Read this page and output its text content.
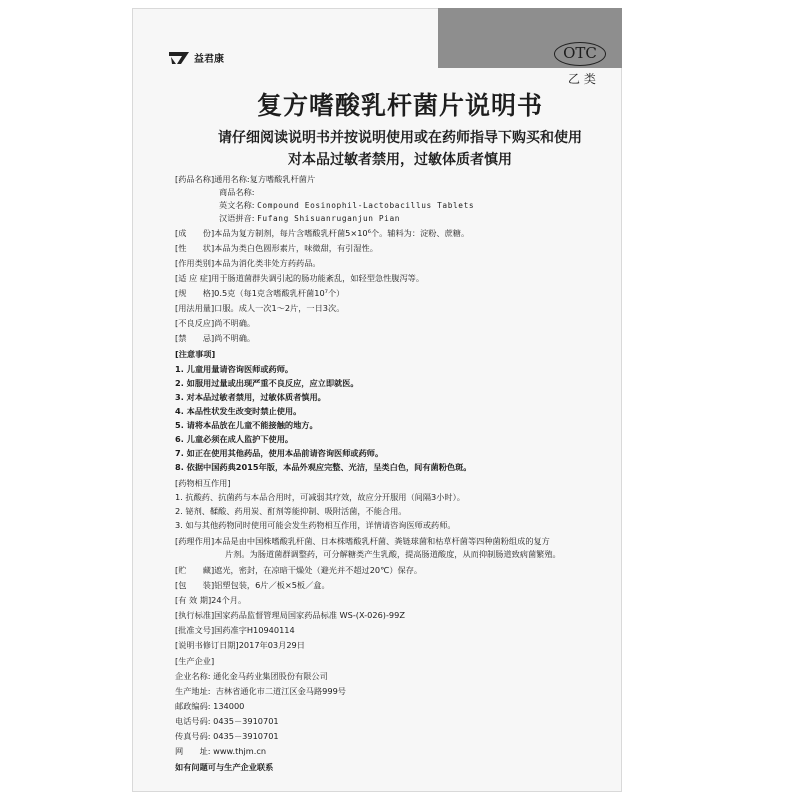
益君康	OTC
乙 类
复方嗜酸乳杆菌片说明书
请仔细阅读说明书并按说明使用或在药师指导下购买和使用
对本品过敏者禁用，过敏体质者慎用
[药品名称]通用名称:复方嗜酸乳杆菌片
商品名称:
英文名称: Compound Eosinophil-Lactobacillus Tablets
汉语拼音: Fufang Shisuanruganjun Pian
[成　　份]本品为复方制剂，每片含嗜酸乳杆菌5×10⁶个。辅料为：淀粉、蔗糖。
[性　　状]本品为类白色圆形素片，味微甜，有引湿性。
[作用类别]本品为消化类非处方药药品。
[适 应 症]用于肠道菌群失调引起的肠功能紊乱，如轻型急性腹泻等。
[规　　格]0.5克（每1克含嗜酸乳杆菌10⁷个）
[用法用量]口服。成人一次1～2片，一日3次。
[不良反应]尚不明确。
[禁　　忌]尚不明确。
[注意事项]
1. 儿童用量请咨询医师或药师。
2. 如服用过量或出现严重不良反应，应立即就医。
3. 对本品过敏者禁用，过敏体质者慎用。
4. 本品性状发生改变时禁止使用。
5. 请将本品放在儿童不能接触的地方。
6. 儿童必须在成人监护下使用。
7. 如正在使用其他药品，使用本品前请咨询医师或药师。
8. 依据中国药典2015年版，本品外观应完整、光洁，呈类白色，间有菌粉色斑。
[药物相互作用]
1. 抗酸药、抗菌药与本品合用时，可减弱其疗效，故应分开服用（间隔3小时）。
2. 铋剂、鞣酸、药用炭、酊剂等能抑制、吸附活菌，不能合用。
3. 如与其他药物同时使用可能会发生药物相互作用，详情请咨询医师或药师。
[药理作用]本品是由中国株嗜酸乳杆菌、日本株嗜酸乳杆菌、粪链球菌和枯草杆菌等四种菌粉组成的复方
片剂。为肠道菌群调整药，可分解糖类产生乳酸，提高肠道酸度，从而抑制肠道致病菌繁殖。
[贮　　藏]遮光，密封，在凉暗干燥处（避光并不超过20℃）保存。
[包　　装]铝塑包装，6片／板×5板／盒。
[有 效 期]24个月。
[执行标准]国家药品监督管理局国家药品标准 WS-(X-026)-99Z
[批准文号]国药准字H10940114
[说明书修订日期]2017年03月29日
[生产企业]
企业名称: 通化金马药业集团股份有限公司
生产地址: 吉林省通化市二道江区金马路999号
邮政编码: 134000
电话号码: 0435－3910701
传真号码: 0435－3910701
网　　址: www.thjm.cn
如有问题可与生产企业联系
